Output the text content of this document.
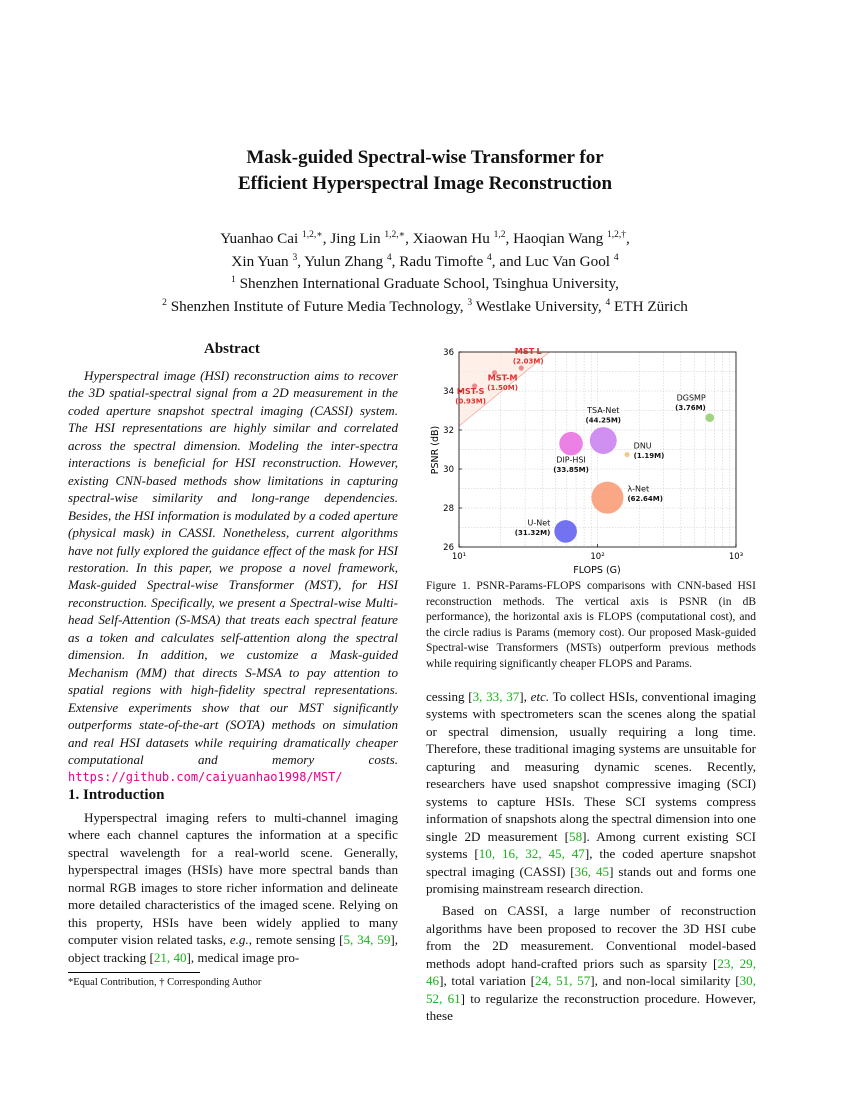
Mask-guided Spectral-wise Transformer for
Efficient Hyperspectral Image Reconstruction
Yuanhao Cai $^{1,2,∗}$, Jing Lin $^{1,2,∗}$, Xiaowan Hu $^{1,2}$, Haoqian Wang $^{1,2,\dagger}$,
Xin Yuan $^3$, Yulun Zhang $^4$, Radu Timofte $^4$, and Luc Van Gool $^4$
$^1$ Shenzhen International Graduate School, Tsinghua University,
$^2$ Shenzhen Institute of Future Media Technology, $^3$ Westlake University, $^4$ ETH Zürich
Abstract

Hyperspectral image (HSI) reconstruction aims to recover the 3D spatial-spectral signal from a 2D measurement in the coded aperture snapshot spectral imaging (CASSI) system. The HSI representations are highly similar and correlated across the spectral dimension. Modeling the inter-spectra interactions is beneficial for HSI reconstruction. However, existing CNN-based methods show limitations in capturing spectral-wise similarity and long-range dependencies. Besides, the HSI information is modulated by a coded aperture (physical mask) in CASSI. Nonetheless, current algorithms have not fully explored the guidance effect of the mask for HSI restoration. In this paper, we propose a novel framework, Mask-guided Spectral-wise Transformer (MST), for HSI reconstruction. Specifically, we present a Spectral-wise Multi-head Self-Attention (S-MSA) that treats each spectral feature as a token and calculates self-attention along the spectral dimension. In addition, we customize a Mask-guided Mechanism (MM) that directs S-MSA to pay attention to spatial regions with high-fidelity spectral representations. Extensive experiments show that our MST significantly outperforms state-of-the-art (SOTA) methods on simulation and real HSI datasets while requiring dramatically cheaper computational and memory costs. https://github.com/caiyuanhao1998/MST/

1. Introduction

Hyperspectral imaging refers to multi-channel imaging where each channel captures the information at a specific spectral wavelength for a real-world scene. Generally, hyperspectral images (HSIs) have more spectral bands than normal RGB images to store richer information and delineate more detailed characteristics of the imaged scene. Relying on this property, HSIs have been widely applied to many computer vision related tasks, e.g., remote sensing [5, 34, 59], object tracking [21, 40], medical image pro-

*Equal Contribution, † Corresponding Author
MST-S
(0.93M)
MST-M
(1.50M)
MST-L
(2.03M)
TSA-Net
(44.25M)
DGSMP
(3.76M)
DIP-HSI
(33.85M)
DNU
(1.19M)
λ-Net
(62.64M)
U-Net
(31.32M)
10¹	10²	10³
26
28
30
32
34
36
FLOPS (G)
PSNR (dB)
Figure 1. PSNR-Params-FLOPS comparisons with CNN-based HSI reconstruction methods. The vertical axis is PSNR (in dB performance), the horizontal axis is FLOPS (computational cost), and the circle radius is Params (memory cost). Our proposed Mask-guided Spectral-wise Transformers (MSTs) outperform previous methods while requiring significantly cheaper FLOPS and Params.

cessing [3, 33, 37], etc. To collect HSIs, conventional imaging systems with spectrometers scan the scenes along the spatial or spectral dimension, usually requiring a long time. Therefore, these traditional imaging systems are unsuitable for capturing and measuring dynamic scenes. Recently, researchers have used snapshot compressive imaging (SCI) systems to capture HSIs. These SCI systems compress information of snapshots along the spectral dimension into one single 2D measurement [58]. Among current existing SCI systems [10, 16, 32, 45, 47], the coded aperture snapshot spectral imaging (CASSI) [36, 45] stands out and forms one promising mainstream research direction.

Based on CASSI, a large number of reconstruction algorithms have been proposed to recover the 3D HSI cube from the 2D measurement. Conventional model-based methods adopt hand-crafted priors such as sparsity [23, 29, 46], total variation [24, 51, 57], and non-local similarity [30, 52, 61] to regularize the reconstruction procedure. However, these
